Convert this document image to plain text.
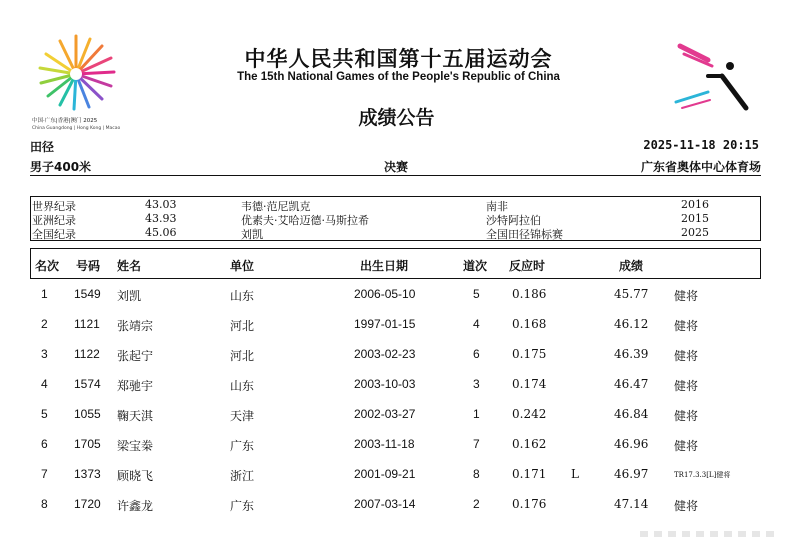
中国·广东|香港|澳门 2025
China Guangdong | Hong Kong | Macao
中华人民共和国第十五届运动会
The 15th National Games of the People's Republic of China
成绩公告
田径	2025-11-18 20:15
男子400米	决赛	广东省奥体中心体育场
世界纪录	43.03	韦德·范尼凯克	南非	2016
亚洲纪录	43.93	优素夫·艾哈迈德·马斯拉希	沙特阿拉伯	2015
全国纪录	45.06	刘凯	全国田径锦标赛	2025
名次 号码 姓名	单位	出生日期	道次 反应时	成绩
1 1549 刘凯	山东	2006-05-10	5	0.186	45.77 健将
2 1121 张靖宗	河北	1997-01-15	4	0.168	46.12 健将
3 1122 张起宁	河北	2003-02-23	6	0.175	46.39 健将
4 1574 郑驰宇	山东	2003-10-03	3	0.174	46.47 健将
5 1055 鞠天淇	天津	2002-03-27	1	0.242	46.84 健将
6 1705 梁宝桊	广东	2003-11-18	7	0.162	46.96 健将
7 1373 顾晓飞	浙江	2001-09-21	8	0.171 L	46.97	TR17.3.3[L]健将
8 1720 许鑫龙	广东	2007-03-14	2	0.176	47.14 健将
